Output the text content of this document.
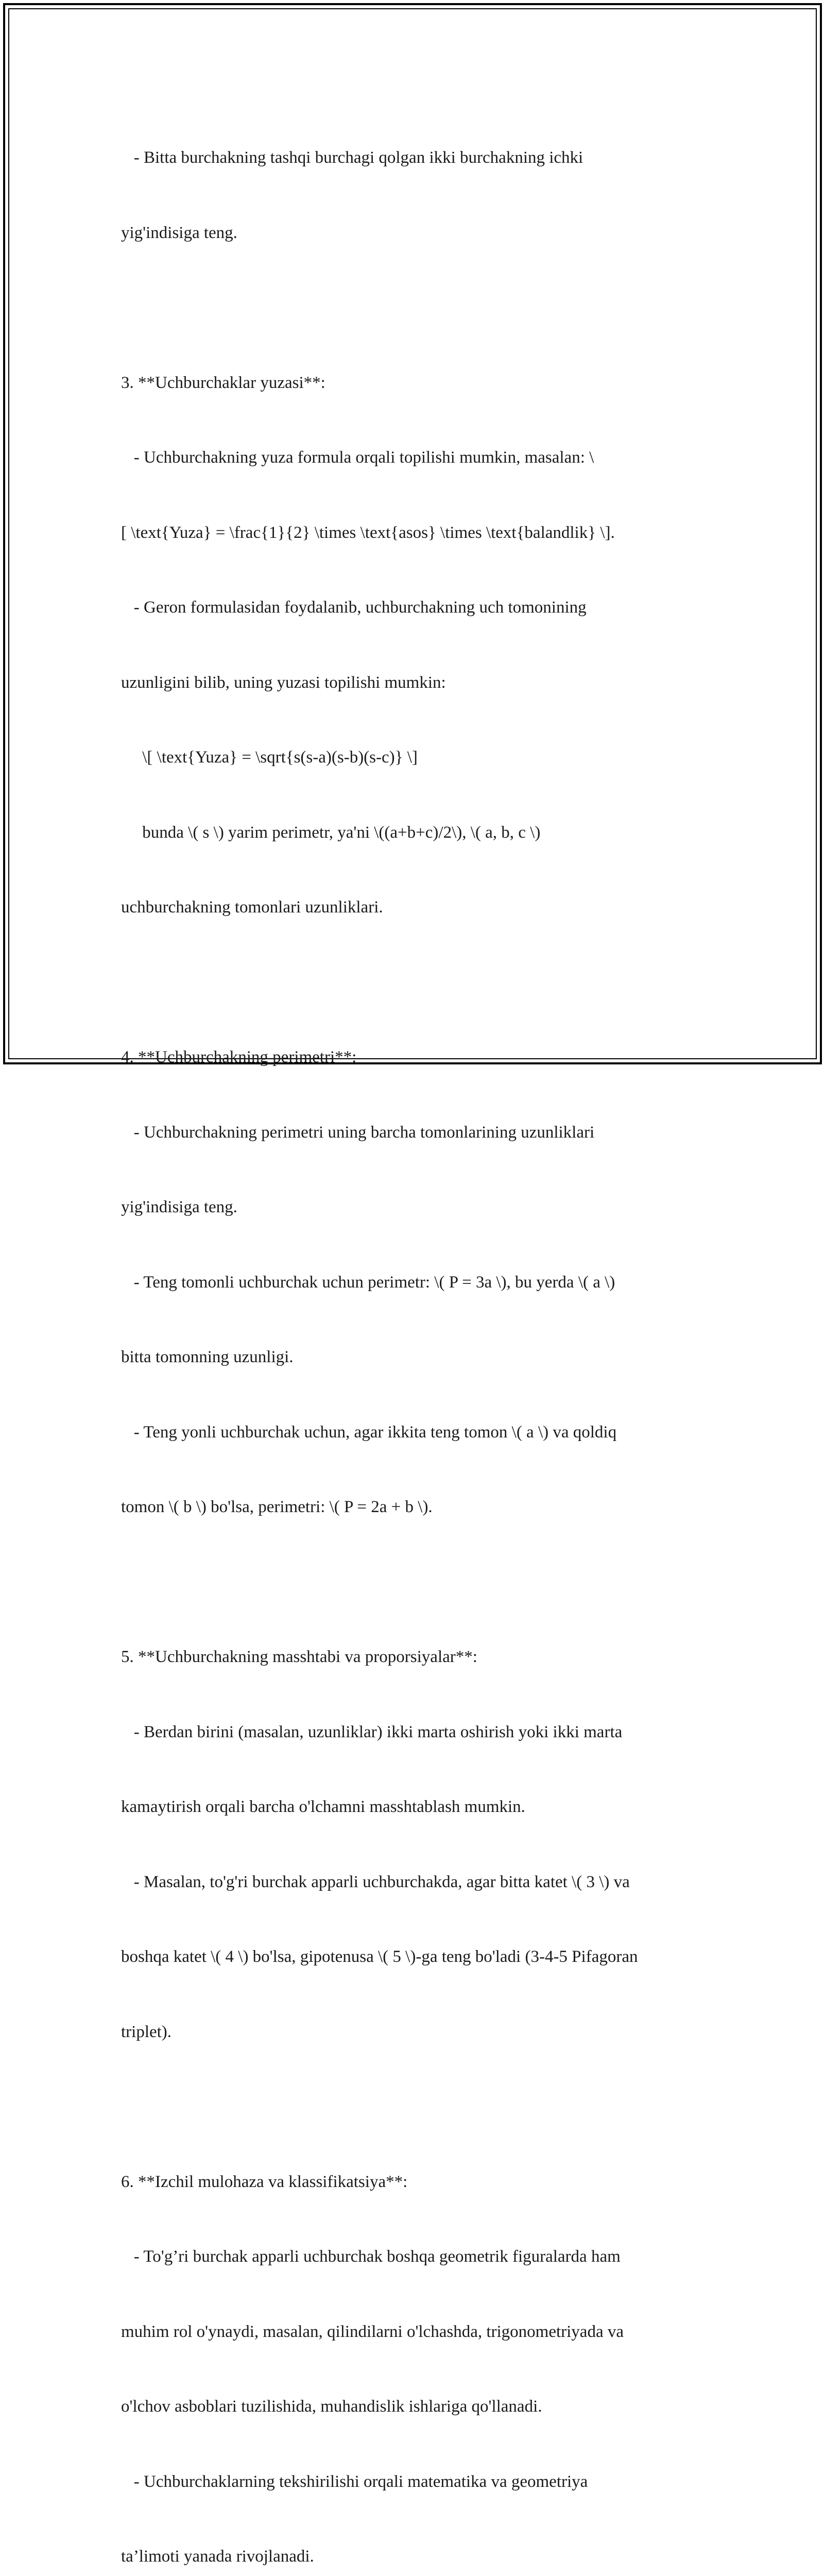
- Bitta burchakning tashqi burchagi qolgan ikki burchakning ichki

yig'indisiga teng.

3. **Uchburchaklar yuzasi**:

- Uchburchakning yuza formula orqali topilishi mumkin, masalan: \

[ \text{Yuza} = \frac{1}{2} \times \text{asos} \times \text{balandlik} \].

- Geron formulasidan foydalanib, uchburchakning uch tomonining

uzunligini bilib, uning yuzasi topilishi mumkin:

\[ \text{Yuza} = \sqrt{s(s-a)(s-b)(s-c)} \]

bunda \( s \) yarim perimetr, ya'ni \((a+b+c)/2\), \( a, b, c \)

uchburchakning tomonlari uzunliklari.

4. **Uchburchakning perimetri**:

- Uchburchakning perimetri uning barcha tomonlarining uzunliklari

yig'indisiga teng.

- Teng tomonli uchburchak uchun perimetr: \( P = 3a \), bu yerda \( a \)

bitta tomonning uzunligi.

- Teng yonli uchburchak uchun, agar ikkita teng tomon \( a \) va qoldiq

tomon \( b \) bo'lsa, perimetri: \( P = 2a + b \).

5. **Uchburchakning masshtabi va proporsiyalar**:

- Berdan birini (masalan, uzunliklar) ikki marta oshirish yoki ikki marta

kamaytirish orqali barcha o'lchamni masshtablash mumkin.

- Masalan, to'g'ri burchak apparli uchburchakda, agar bitta katet \( 3 \) va

boshqa katet \( 4 \) bo'lsa, gipotenusa \( 5 \)-ga teng bo'ladi (3-4-5 Pifagoran

triplet).

6. **Izchil mulohaza va klassifikatsiya**:

- To'g’ri burchak apparli uchburchak boshqa geometrik figuralarda ham

muhim rol o'ynaydi, masalan, qilindilarni o'lchashda, trigonometriyada va

o'lchov asboblari tuzilishida, muhandislik ishlariga qo'llanadi.

- Uchburchaklarning tekshirilishi orqali matematika va geometriya

ta’limoti yanada rivojlanadi.
